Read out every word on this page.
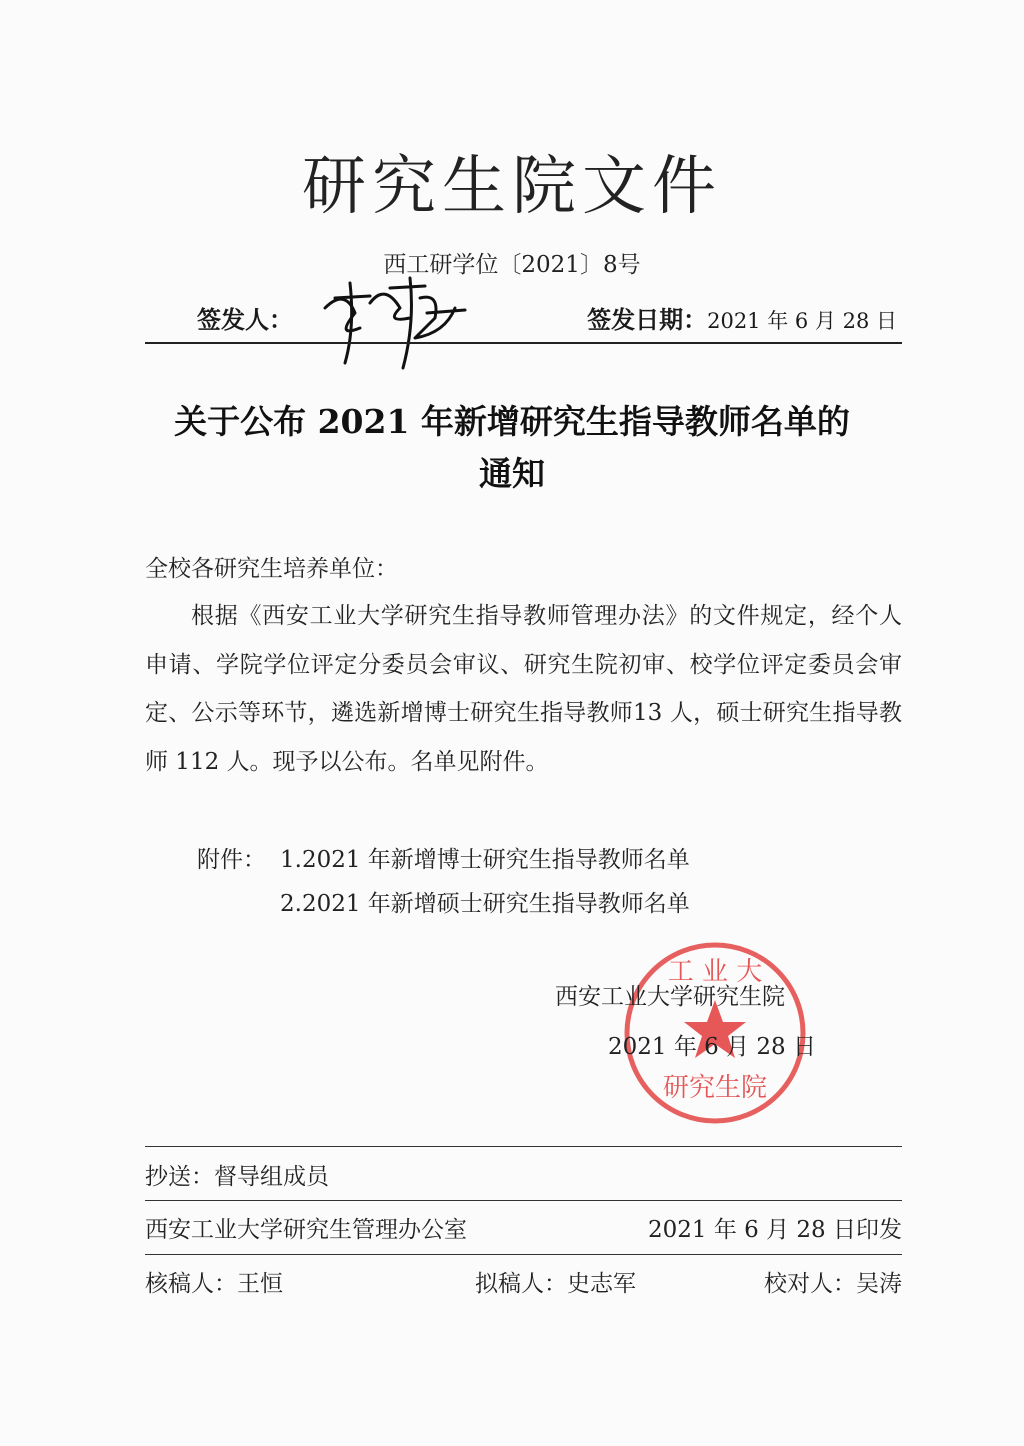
研究生院文件
西工研学位〔2021〕8号
签发人：	签发日期：2021 年 6 月 28 日
关于公布 2021 年新增研究生指导教师名单的
通知
全校各研究生培养单位：
根据《西安工业大学研究生指导教师管理办法》的文件规定，经个人申请、学院学位评定分委员会审议、研究生院初审、校学位评定委员会审定、公示等环节，遴选新增博士研究生指导教师13 人，硕士研究生指导教师 112 人。现予以公布。名单见附件。
附件： 1.2021 年新增博士研究生指导教师名单
2.2021 年新增硕士研究生指导教师名单
工 业 大
研究生院
西安工业大学研究生院
2021 年 6 月 28 日
抄送：督导组成员
西安工业大学研究生管理办公室	2021 年 6 月 28 日印发
核稿人：王恒	拟稿人：史志军	校对人：吴涛
